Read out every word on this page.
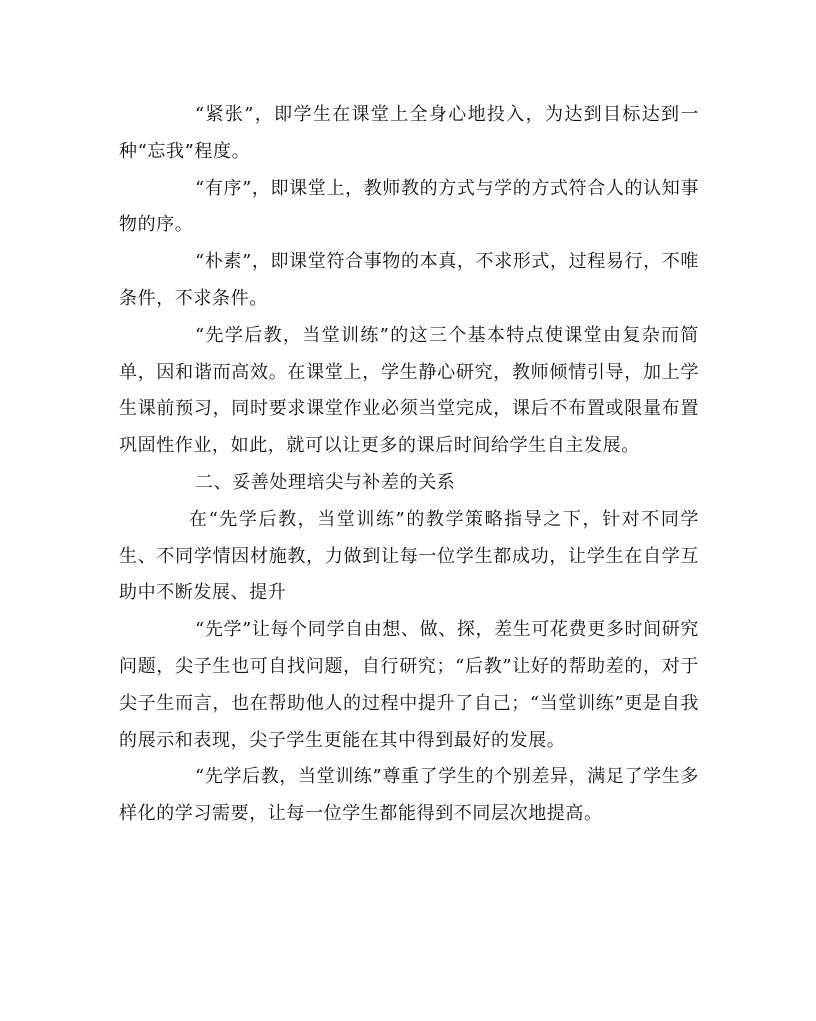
“紧张”，即学生在课堂上全身心地投入，为达到目标达到一种“忘我”程度。

“有序”，即课堂上，教师教的方式与学的方式符合人的认知事物的序。

“朴素”，即课堂符合事物的本真，不求形式，过程易行，不唯条件，不求条件。

“先学后教，当堂训练”的这三个基本特点使课堂由复杂而简单，因和谐而高效。在课堂上，学生静心研究，教师倾情引导，加上学生课前预习，同时要求课堂作业必须当堂完成，课后不布置或限量布置巩固性作业，如此，就可以让更多的课后时间给学生自主发展。

二、妥善处理培尖与补差的关系

在“先学后教，当堂训练”的教学策略指导之下，针对不同学生、不同学情因材施教，力做到让每一位学生都成功，让学生在自学互助中不断发展、提升

“先学”让每个同学自由想、做、探，差生可花费更多时间研究问题，尖子生也可自找问题，自行研究；“后教”让好的帮助差的，对于尖子生而言，也在帮助他人的过程中提升了自己；“当堂训练”更是自我的展示和表现，尖子学生更能在其中得到最好的发展。

“先学后教，当堂训练”尊重了学生的个别差异，满足了学生多样化的学习需要，让每一位学生都能得到不同层次地提高。
